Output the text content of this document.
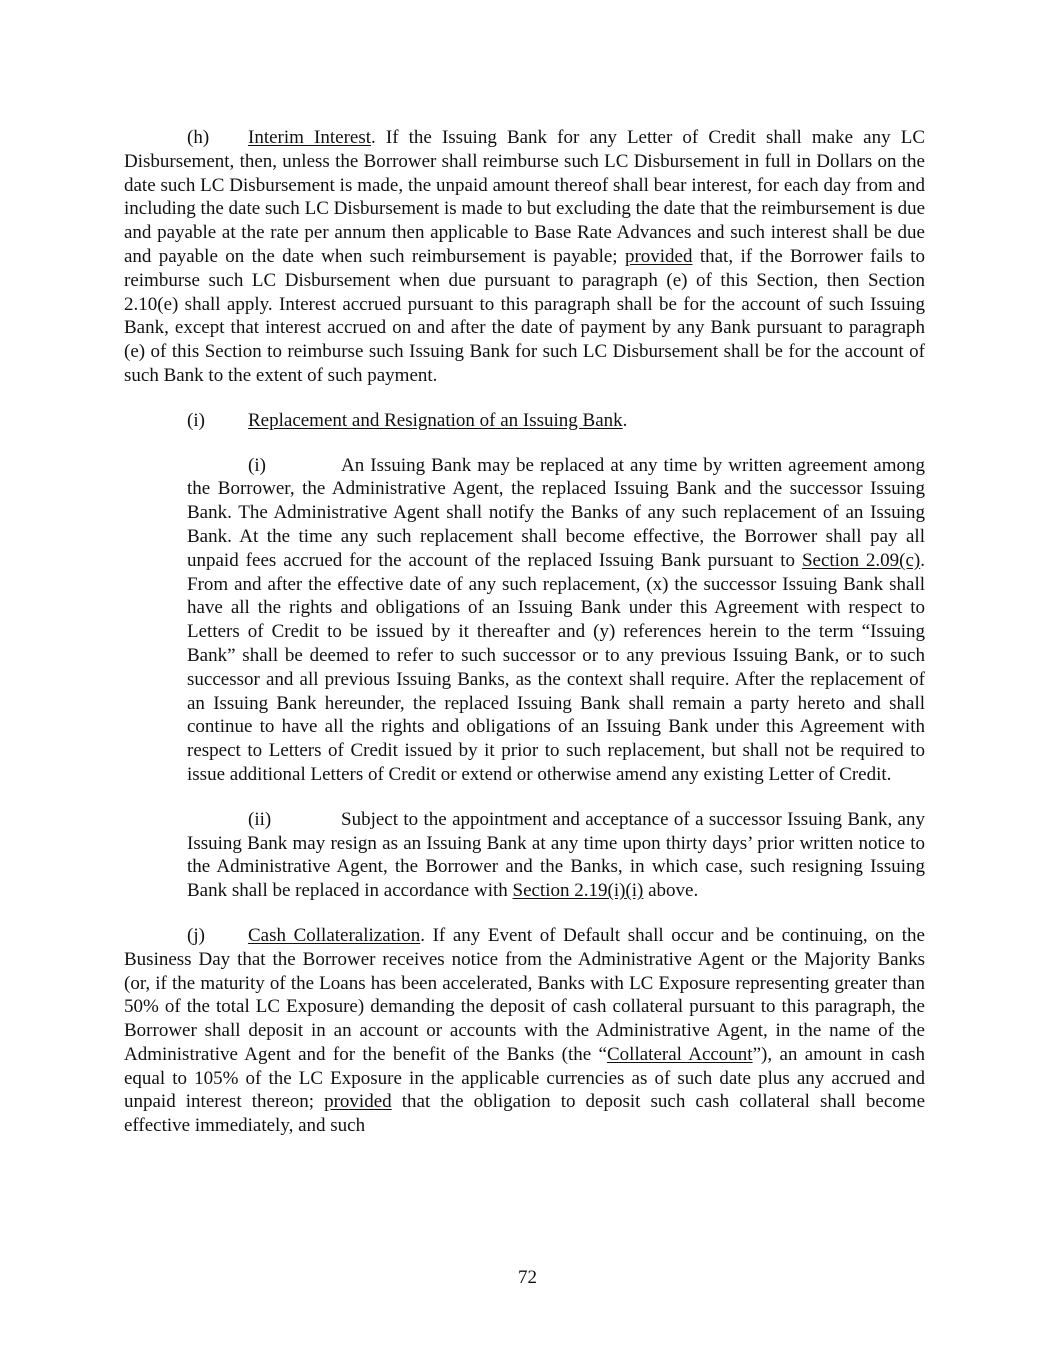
(h) Interim Interest. If the Issuing Bank for any Letter of Credit shall make any LC Disbursement, then, unless the Borrower shall reimburse such LC Disbursement in full in Dollars on the date such LC Disbursement is made, the unpaid amount thereof shall bear interest, for each day from and including the date such LC Disbursement is made to but excluding the date that the reimbursement is due and payable at the rate per annum then applicable to Base Rate Advances and such interest shall be due and payable on the date when such reimbursement is payable; provided that, if the Borrower fails to reimburse such LC Disbursement when due pursuant to paragraph (e) of this Section, then Section 2.10(e) shall apply. Interest accrued pursuant to this paragraph shall be for the account of such Issuing Bank, except that interest accrued on and after the date of payment by any Bank pursuant to paragraph (e) of this Section to reimburse such Issuing Bank for such LC Disbursement shall be for the account of such Bank to the extent of such payment.

(i) Replacement and Resignation of an Issuing Bank.

(i)	An Issuing Bank may be replaced at any time by written agreement among the Borrower, the Administrative Agent, the replaced Issuing Bank and the successor Issuing Bank. The Administrative Agent shall notify the Banks of any such replacement of an Issuing Bank. At the time any such replacement shall become effective, the Borrower shall pay all unpaid fees accrued for the account of the replaced Issuing Bank pursuant to Section 2.09(c). From and after the effective date of any such replacement, (x) the successor Issuing Bank shall have all the rights and obligations of an Issuing Bank under this Agreement with respect to Letters of Credit to be issued by it thereafter and (y) references herein to the term “Issuing Bank” shall be deemed to refer to such successor or to any previous Issuing Bank, or to such successor and all previous Issuing Banks, as the context shall require. After the replacement of an Issuing Bank hereunder, the replaced Issuing Bank shall remain a party hereto and shall continue to have all the rights and obligations of an Issuing Bank under this Agreement with respect to Letters of Credit issued by it prior to such replacement, but shall not be required to issue additional Letters of Credit or extend or otherwise amend any existing Letter of Credit.

(ii)	Subject to the appointment and acceptance of a successor Issuing Bank, any Issuing Bank may resign as an Issuing Bank at any time upon thirty days’ prior written notice to the Administrative Agent, the Borrower and the Banks, in which case, such resigning Issuing Bank shall be replaced in accordance with Section 2.19(i)(i) above.

(j) Cash Collateralization. If any Event of Default shall occur and be continuing, on the Business Day that the Borrower receives notice from the Administrative Agent or the Majority Banks (or, if the maturity of the Loans has been accelerated, Banks with LC Exposure representing greater than 50% of the total LC Exposure) demanding the deposit of cash collateral pursuant to this paragraph, the Borrower shall deposit in an account or accounts with the Administrative Agent, in the name of the Administrative Agent and for the benefit of the Banks (the “Collateral Account”), an amount in cash equal to 105% of the LC Exposure in the applicable currencies as of such date plus any accrued and unpaid interest thereon; provided that the obligation to deposit such cash collateral shall become effective immediately, and such

72
